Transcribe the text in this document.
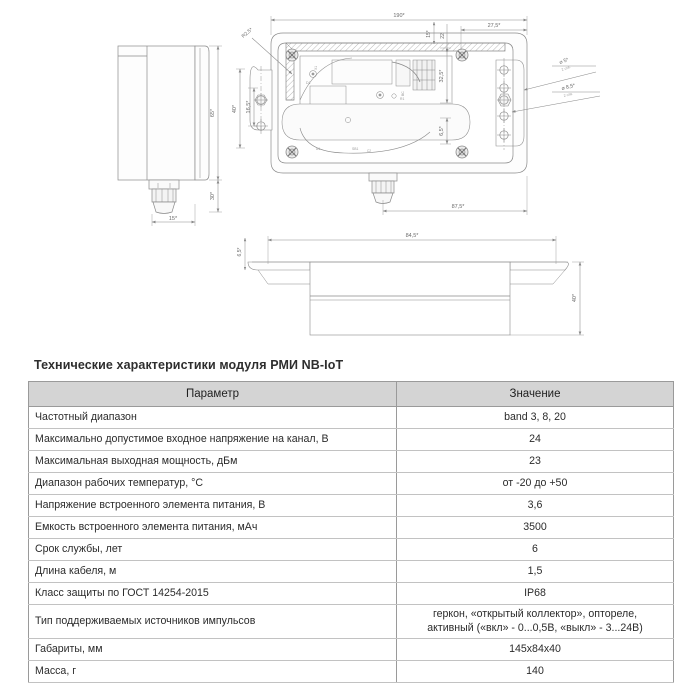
65*
30*
15*
D1
X1
R1
BC
A1	SB1	C2
190*
27,5*
15* 22
32,5*
6,5*
40* 16,5*
R2,5*
⌀ 5*
2 отв.
⌀ 8,5*
2 отв.
87,5*
84,5*
6,5*
40*
Технические характеристики модуля РМИ NB-IoT
Параметр	Значение
Частотный диапазон	band 3, 8, 20
Максимально допустимое входное напряжение на канал, В	24
Максимальная выходная мощность, дБм	23
Диапазон рабочих температур, °С	от -20 до +50
Напряжение встроенного элемента питания, В	3,6
Емкость встроенного элемента питания, мАч	3500
Срок службы, лет	6
Длина кабеля, м	1,5
Класс защиты по ГОСТ 14254-2015	IP68
Тип поддерживаемых источников импульсов	геркон, «открытый коллектор», оптореле,
активный («вкл» - 0...0,5В, «выкл» - 3...24В)

Габариты, мм	145x84x40
Масса, г	140
